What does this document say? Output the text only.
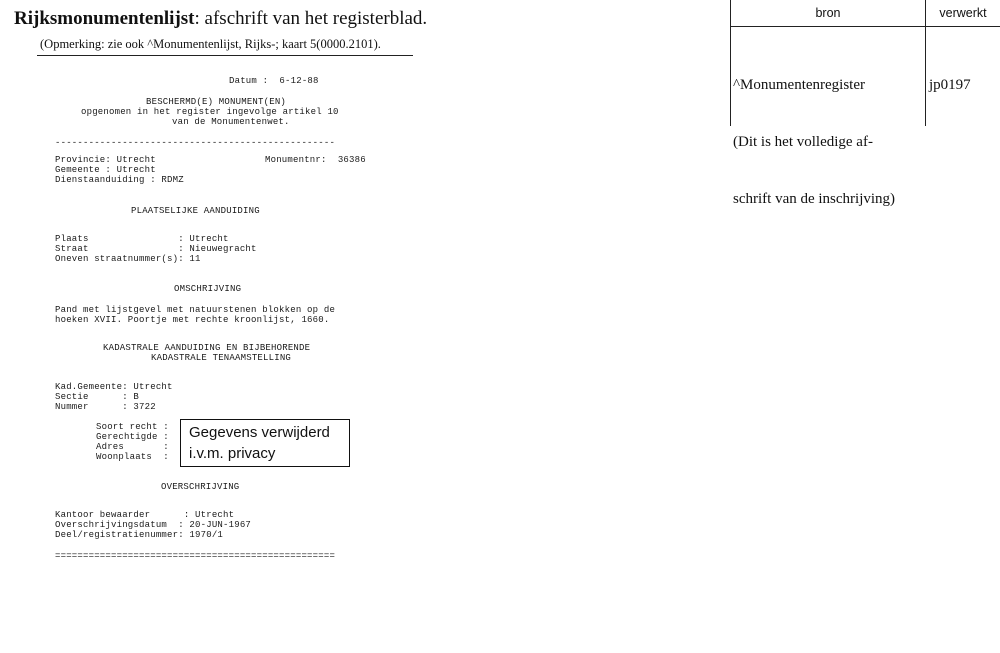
Rijksmonumentenlijst: afschrift van het registerblad.
(Opmerking: zie ook ^Monumentenlijst, Rijks-; kaart 5(0000.2101).
bron	verwerkt

^Monumentenregister

(Dit is het volledige af-

schrift van de inschrijving)

jp0197
Datum : 6-12-88
BESCHERMD(E) MONUMENT(EN)
opgenomen in het register ingevolge artikel 10
van de Monumentenwet.
--------------------------------------------------
Provincie: Utrecht	Monumentnr: 36386
Gemeente : Utrecht
Dienstaanduiding : RDMZ
PLAATSELIJKE AANDUIDING
Plaats                : Utrecht
Straat                : Nieuwegracht
Oneven straatnummer(s): 11
OMSCHRIJVING
Pand met lijstgevel met natuurstenen blokken op de
hoeken XVII. Poortje met rechte kroonlijst, 1660.
KADASTRALE AANDUIDING EN BIJBEHORENDE
KADASTRALE TENAAMSTELLING
Kad.Gemeente: Utrecht
Sectie      : B
Nummer      : 3722
Soort recht :
Gerechtigde :
Adres       :
Woonplaats  :
Gegevens verwijderd
i.v.m. privacy
OVERSCHRIJVING
Kantoor bewaarder      : Utrecht
Overschrijvingsdatum  : 20-JUN-1967
Deel/registratienummer: 1970/1
==================================================
